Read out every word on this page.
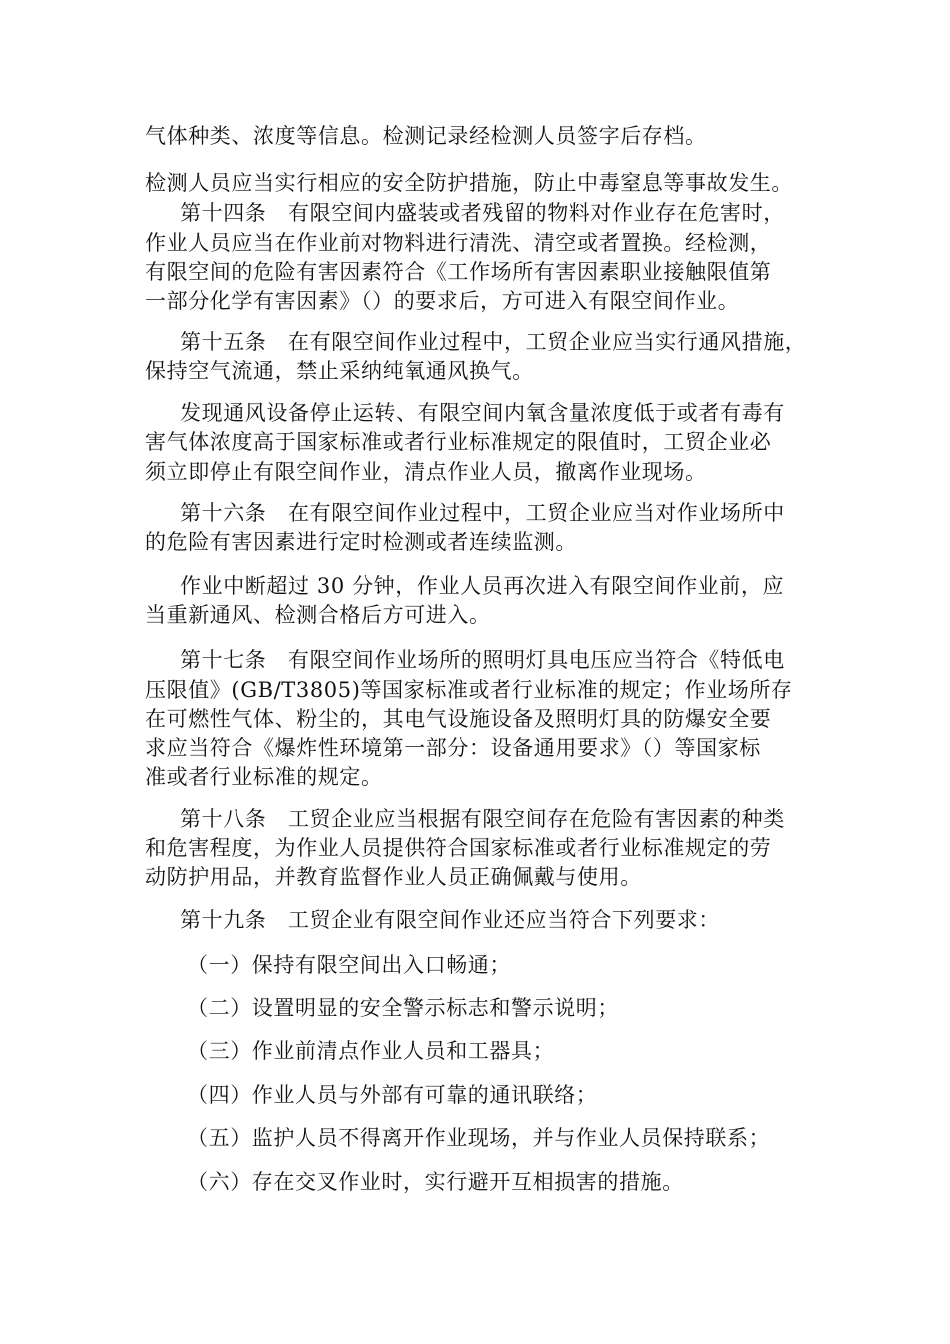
气体种类、浓度等信息。检测记录经检测人员签字后存档。
检测人员应当实行相应的安全防护措施，防止中毒窒息等事故发生。
第十四条　有限空间内盛装或者残留的物料对作业存在危害时，
作业人员应当在作业前对物料进行清洗、清空或者置换。经检测，
有限空间的危险有害因素符合《工作场所有害因素职业接触限值第
一部分化学有害因素》（）的要求后，方可进入有限空间作业。
第十五条　在有限空间作业过程中，工贸企业应当实行通风措施，
保持空气流通，禁止采纳纯氧通风换气。
发现通风设备停止运转、有限空间内氧含量浓度低于或者有毒有
害气体浓度高于国家标准或者行业标准规定的限值时，工贸企业必
须立即停止有限空间作业，清点作业人员，撤离作业现场。
第十六条　在有限空间作业过程中，工贸企业应当对作业场所中
的危险有害因素进行定时检测或者连续监测。
作业中断超过 30 分钟，作业人员再次进入有限空间作业前，应
当重新通风、检测合格后方可进入。
第十七条　有限空间作业场所的照明灯具电压应当符合《特低电
压限值》(GB/T3805)等国家标准或者行业标准的规定；作业场所存
在可燃性气体、粉尘的，其电气设施设备及照明灯具的防爆安全要
求应当符合《爆炸性环境第一部分：设备通用要求》（）等国家标
准或者行业标准的规定。
第十八条　工贸企业应当根据有限空间存在危险有害因素的种类
和危害程度，为作业人员提供符合国家标准或者行业标准规定的劳
动防护用品，并教育监督作业人员正确佩戴与使用。
第十九条　工贸企业有限空间作业还应当符合下列要求：
（一）保持有限空间出入口畅通；
（二）设置明显的安全警示标志和警示说明；
（三）作业前清点作业人员和工器具；
（四）作业人员与外部有可靠的通讯联络；
（五）监护人员不得离开作业现场，并与作业人员保持联系；
（六）存在交叉作业时，实行避开互相损害的措施。
